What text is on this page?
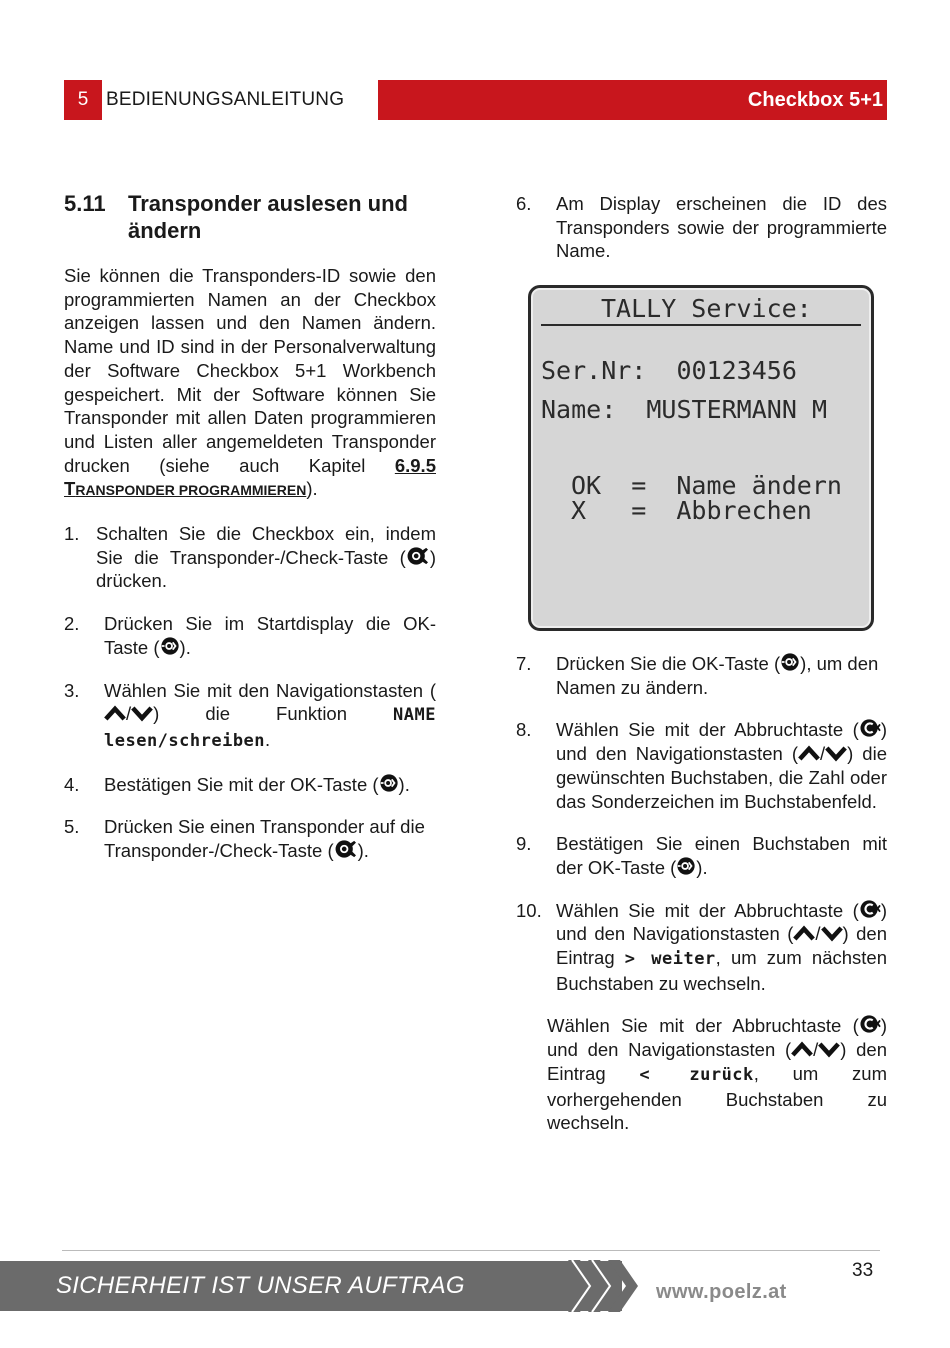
5 BEDIENUNGSANLEITUNG	Checkbox 5+1
5.11	Transponder auslesen und ändern

Sie können die Transponders-ID sowie den programmierten Namen an der Checkbox anzeigen lassen und den Namen ändern. Name und ID sind in der Personalverwaltung der Software Checkbox 5+1 Workbench gespeichert. Mit der Software können Sie Transponder mit allen Daten programmieren und Listen aller angemeldeten Transponder drucken (siehe auch Kapitel 6.9.5 TRANSPONDER PROGRAMMIEREN).

1. Schalten Sie die Checkbox ein, indem Sie die Transponder-/Check-Taste ( ) drücken.
2.	Drücken Sie im Startdisplay die OK-Taste ( ).
3.	Wählen Sie mit den Navigationstasten (/ ) die Funktion NAME lesen/schreiben.
4.	Bestätigen Sie mit der OK-Taste ( ).
5.	Drücken Sie einen Transponder auf die Transponder-/Check-Taste ( ).
6.	Am Display erscheinen die ID des Transponders sowie der programmierte Name.
TALLY Service:
Ser.Nr: 00123456
Name: MUSTERMANN M
OK  =  Name ändern
X   =  Abbrechen
7.	Drücken Sie die OK-Taste ( ), um den Namen zu ändern.
8.	Wählen Sie mit der Abbruchtaste ( ) und den Navigationstasten ( / ) die gewünschten Buchstaben, die Zahl oder das Sonderzeichen im Buchstabenfeld.
9.	Bestätigen Sie einen Buchstaben mit der OK-Taste ( ).
10. Wählen Sie mit der Abbruchtaste ( ) und den Navigationstasten ( / ) den Eintrag > weiter, um zum nächsten Buchstaben zu wechseln.

Wählen Sie mit der Abbruchtaste ( ) und den Navigationstasten ( / ) den Eintrag < zurück, um zum vorhergehenden Buchstaben zu wechseln.

33
SICHERHEIT IST UNSER AUFTRAG	www.poelz.at
